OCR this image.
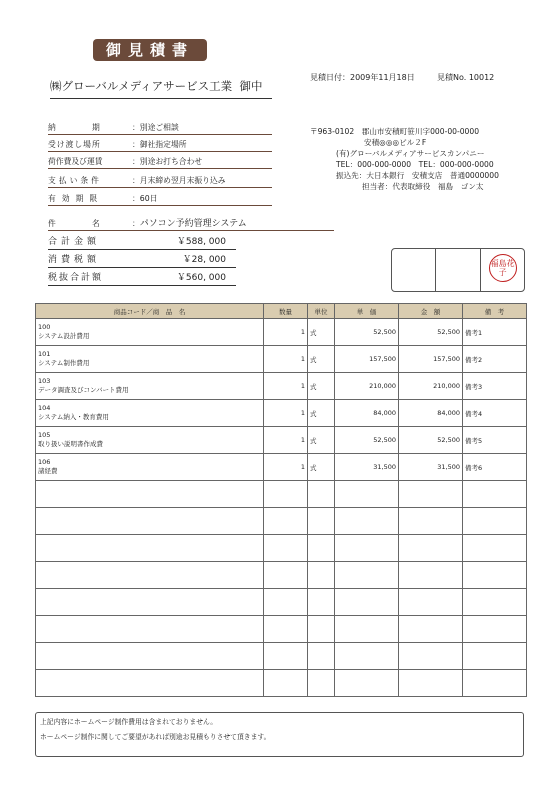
御見積書
㈱グローバルメディアサービス工業 御中
見積日付：2009年11月18日	見積No. 10012
納　　　　期	：別途ご相談
受け渡し場所	：御社指定場所
荷作費及び運賃	：別途お打ち合わせ
支払い条件	：月末締め翌月末振り込み
有効期限	：60日
件　　　　名	：パソコン予約管理システム
合計金額	￥588, 000
消費税額	￥28, 000
税抜合計額	￥560, 000
〒963-0102　郡山市安積町笹川字000-00-0000
安積◎◎◎ビル２F
(有)グローバルメディアサービスカンパニー
TEL：000-000-0000　TEL：000-000-0000
振込先：大日本銀行　安積支店　普通0000000
担当者：代表取締役　福島　ゴン太
福島花子
商品コード／商　品　名	数量	単位	単　価	金　額	備　考

100
システム設計費用	1	式	52,500	52,500	備考1

101
システム制作費用	1	式	157,500	157,500	備考2

103
データ調査及びコンバート費用	1	式	210,000	210,000	備考3

104
システム納入・教育費用	1	式	84,000	84,000	備考4

105
取り扱い説明書作成費	1	式	52,500	52,500	備考5

106
諸経費	1	式	31,500	31,500	備考6

上記内容にホームページ制作費用は含まれておりません。
ホームページ制作に関してご要望があれば別途お見積もりさせて頂きます。
